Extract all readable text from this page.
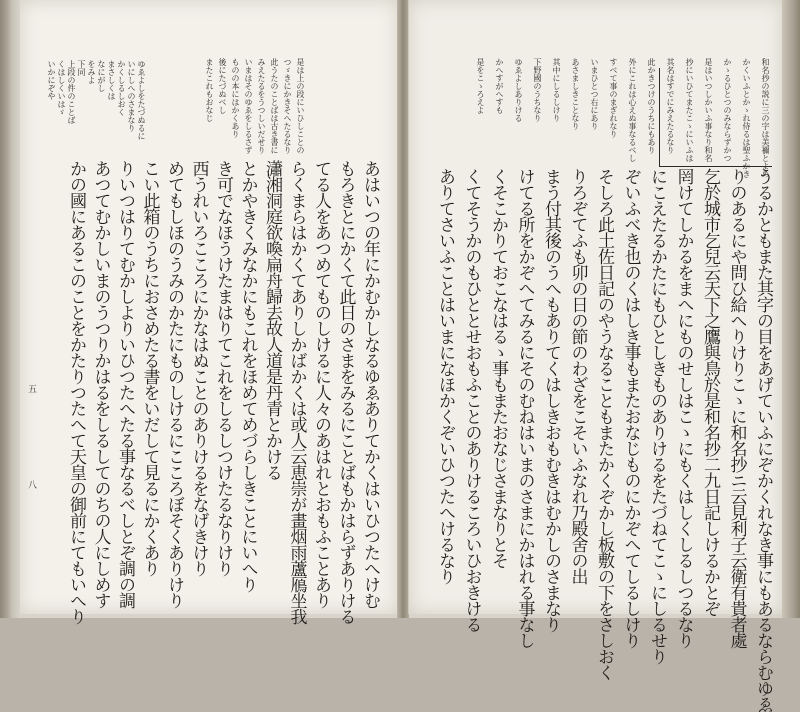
是は上の段にいひしことの
つゞきにかきそへたるなり
此うたのことばは古き書に
みえたるをうつしいだせり
いまはそのゆゑをしるさず
ものの本にはかくあり
後にたづぬべし
またこれもおなじ
ゆゑよしをたづぬるに
いにしへのさまなり
かくしるしおく
まさしくは
なにがし
をみよ
下同
上段の件のことば
くはしくいはゞ
いかにぞや
あはいつの年にかむかしなるゆゑありてかくはいひつたへけむ
もろきとにかくて此日のさまをみるにことばもかはらずありける
てる人をあつめてものしけるに人々のあはれとおもふことあり
らくまらはかくてありしかばかくは或人云恵崇が畫烟雨蘆鴈坐我
瀟湘洞庭欲喚扁舟歸去故人道是丹青とかける
とかやきくみなかにもこれをほめてめづらしきことにいへり
き可でなほうけたまはりてこれをしるしつけたるなりけり
西うれいろこころにかなはぬことのありけるをなげきけり
めてもしほのうみのかたにものしけるにこころぼそくありけり
こい此箱のうちにおさめたる書をいだして見るにかくあり
りいつはりてむかしよりいひつたへたる事なるべしとぞ調の調
あつてむかしいまのうつりかはるをしるしてのちの人にしめす
かの國にあるこのことをかたりつたへて天皇の御前にてもいへり
五
八
和名抄の説に三の字は美禰とよめ
かくいふとかゝれ侍るは聖ふかき
かゝるひとつのみならずかつ
是はいつしかいふ事なり和名
抄にいひてまたこゝにいふは
其名はすでにみえたるなり
此かきつけのうちにもあり
外にこれは心えぬ事なるべし
すべて事のまぎれなり
いまひとつ右にあり
あさましきことなり
其中にしるしけり
下野國のうちなり
ゆゑよしありける
かへすがへすも
是をこゝろえよ
うるかともまた其字の目をあげていふにぞかくれなき事にもあるならむゆゑ
りのあるにや問ひ給へりけりこゝに和名抄ニ云見利子云衛有貴者處
乞於城市乞兒云天下之鷹與鳥於是和名抄二九日記しけるかとぞ
罔けてしかるをまへにものせしはこゝにもくはしくしるしつるなり
にこえたるかたにもひとしきものありけるをたづねてこゝにしるせり
ぞいふべき也のくはしき事もまたおなじものにかぞへてしるしけり
そしろ此土佐日記のやうなることもまたかくぞかし板敷の下をさしおく
りろぞてふも卯の日の節のわざをこそいふなれ乃殿舍の出
まう付其後のうへもありてくはしきおもむきはむかしのさまなり
けてる所をかぞへてみるにそのむねはいまのさまにかはれる事なし
くそこかりておこなはるゝ事もまたおなじさまなりとそ
くてそうかのもひととせおもふことのありけるころいひおきける
ありてさいふことはいまになほかくぞいひつたへけるなり
